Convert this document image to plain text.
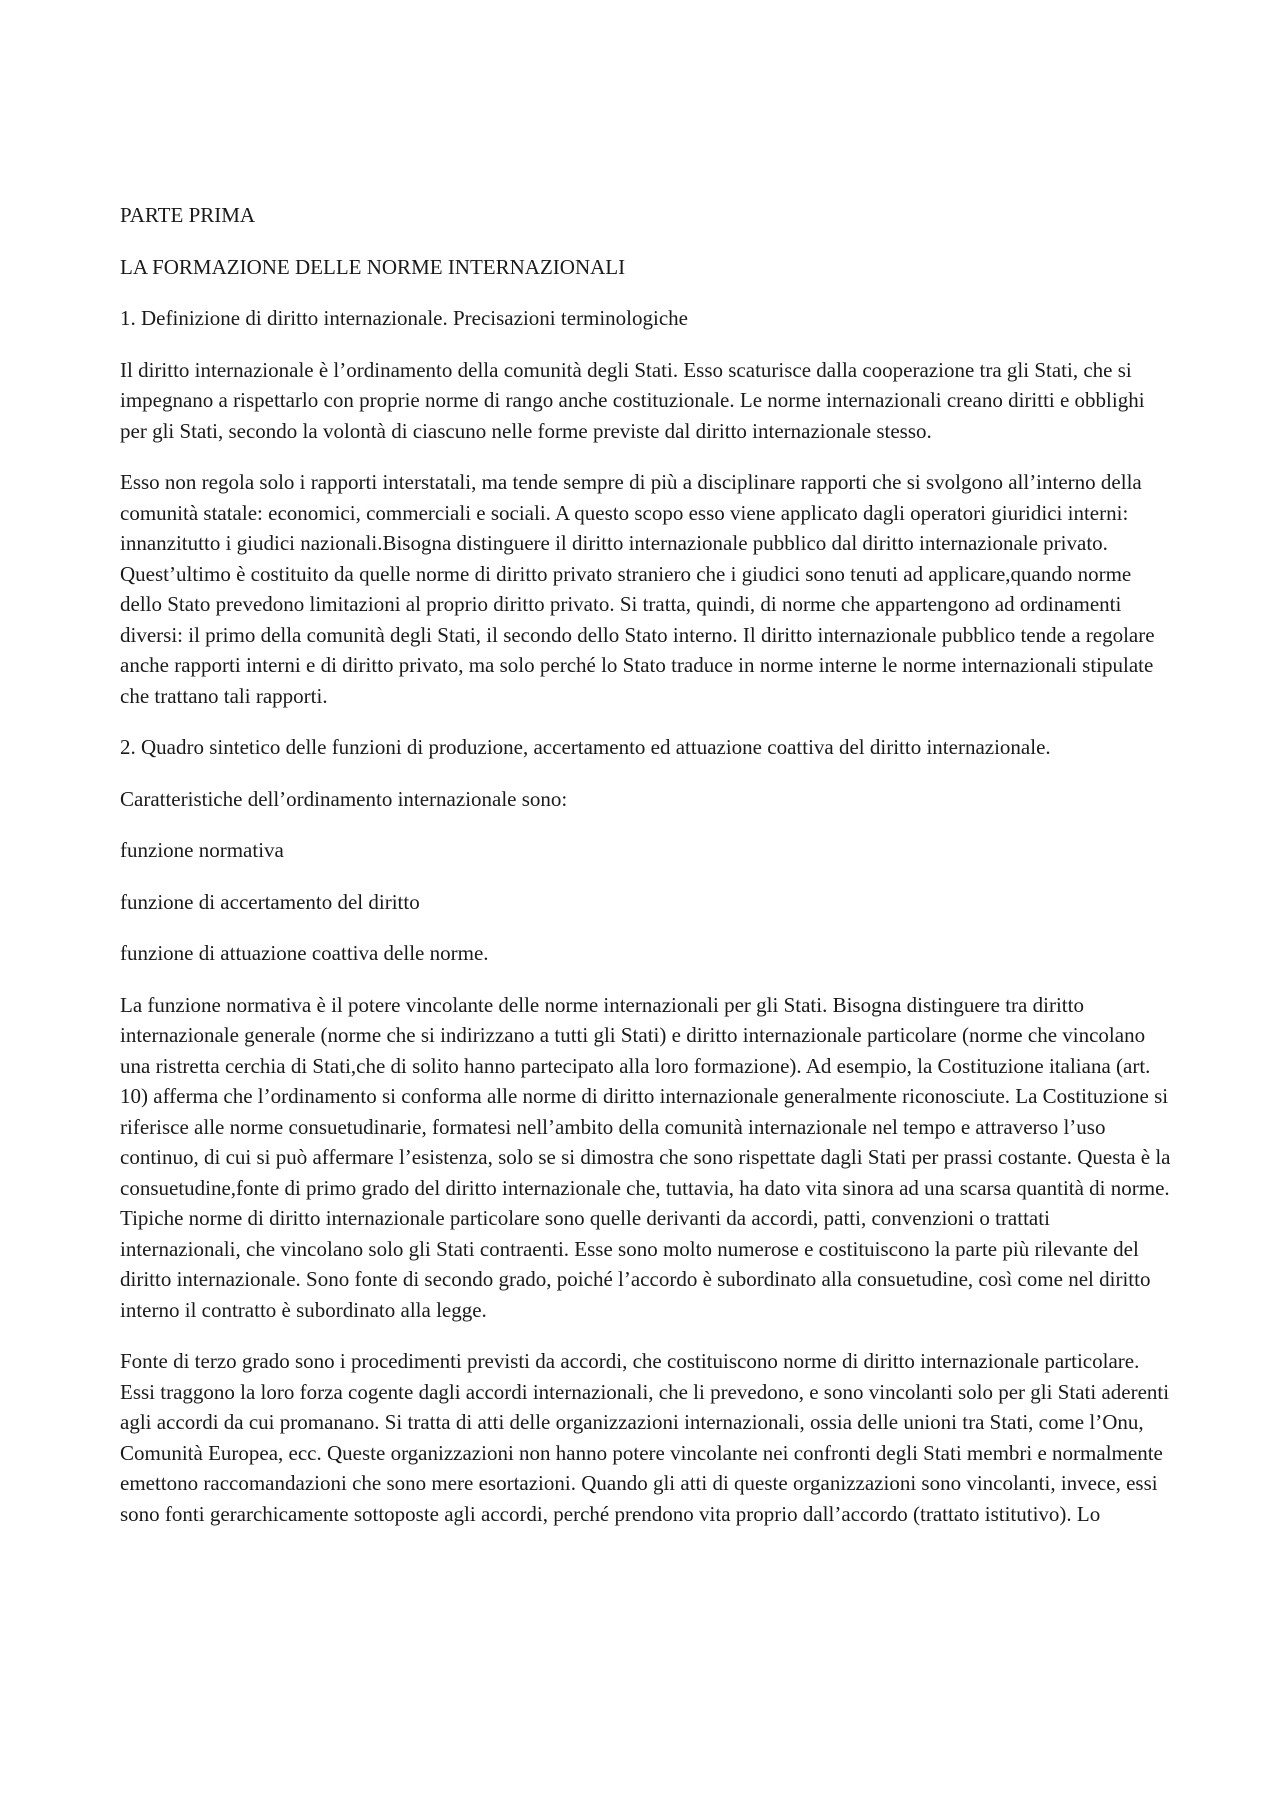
PARTE PRIMA

LA FORMAZIONE DELLE NORME INTERNAZIONALI

1. Definizione di diritto internazionale. Precisazioni terminologiche

Il diritto internazionale è l’ordinamento della comunità degli Stati. Esso scaturisce dalla cooperazione tra gli Stati, che si impegnano a rispettarlo con proprie norme di rango anche costituzionale. Le norme internazionali creano diritti e obblighi per gli Stati, secondo la volontà di ciascuno nelle forme previste dal diritto internazionale stesso.

Esso non regola solo i rapporti interstatali, ma tende sempre di più a disciplinare rapporti che si svolgono all’interno della comunità statale: economici, commerciali e sociali. A questo scopo esso viene applicato dagli operatori giuridici interni: innanzitutto i giudici nazionali.Bisogna distinguere il diritto internazionale pubblico dal diritto internazionale privato. Quest’ultimo è costituito da quelle norme di diritto privato straniero che i giudici sono tenuti ad applicare,quando norme dello Stato prevedono limitazioni al proprio diritto privato. Si tratta, quindi, di norme che appartengono ad ordinamenti diversi: il primo della comunità degli Stati, il secondo dello Stato interno. Il diritto internazionale pubblico tende a regolare anche rapporti interni e di diritto privato, ma solo perché lo Stato traduce in norme interne le norme internazionali stipulate che trattano tali rapporti.

2. Quadro sintetico delle funzioni di produzione, accertamento ed attuazione coattiva del diritto internazionale.

Caratteristiche dell’ordinamento internazionale sono:

funzione normativa

funzione di accertamento del diritto

funzione di attuazione coattiva delle norme.

La funzione normativa è il potere vincolante delle norme internazionali per gli Stati. Bisogna distinguere tra diritto internazionale generale (norme che si indirizzano a tutti gli Stati) e diritto internazionale particolare (norme che vincolano una ristretta cerchia di Stati,che di solito hanno partecipato alla loro formazione). Ad esempio, la Costituzione italiana (art. 10) afferma che l’ordinamento si conforma alle norme di diritto internazionale generalmente riconosciute. La Costituzione si riferisce alle norme consuetudinarie, formatesi nell’ambito della comunità internazionale nel tempo e attraverso l’uso continuo, di cui si può affermare l’esistenza, solo se si dimostra che sono rispettate dagli Stati per prassi costante. Questa è la consuetudine,fonte di primo grado del diritto internazionale che, tuttavia, ha dato vita sinora ad una scarsa quantità di norme. Tipiche norme di diritto internazionale particolare sono quelle derivanti da accordi, patti, convenzioni o trattati internazionali, che vincolano solo gli Stati contraenti. Esse sono molto numerose e costituiscono la parte più rilevante del diritto internazionale. Sono fonte di secondo grado, poiché l’accordo è subordinato alla consuetudine, così come nel diritto interno il contratto è subordinato alla legge.

Fonte di terzo grado sono i procedimenti previsti da accordi, che costituiscono norme di diritto internazionale particolare. Essi traggono la loro forza cogente dagli accordi internazionali, che li prevedono, e sono vincolanti solo per gli Stati aderenti agli accordi da cui promanano. Si tratta di atti delle organizzazioni internazionali, ossia delle unioni tra Stati, come l’Onu, Comunità Europea, ecc. Queste organizzazioni non hanno potere vincolante nei confronti degli Stati membri e normalmente emettono raccomandazioni che sono mere esortazioni. Quando gli atti di queste organizzazioni sono vincolanti, invece, essi sono fonti gerarchicamente sottoposte agli accordi, perché prendono vita proprio dall’accordo (trattato istitutivo). Lo
